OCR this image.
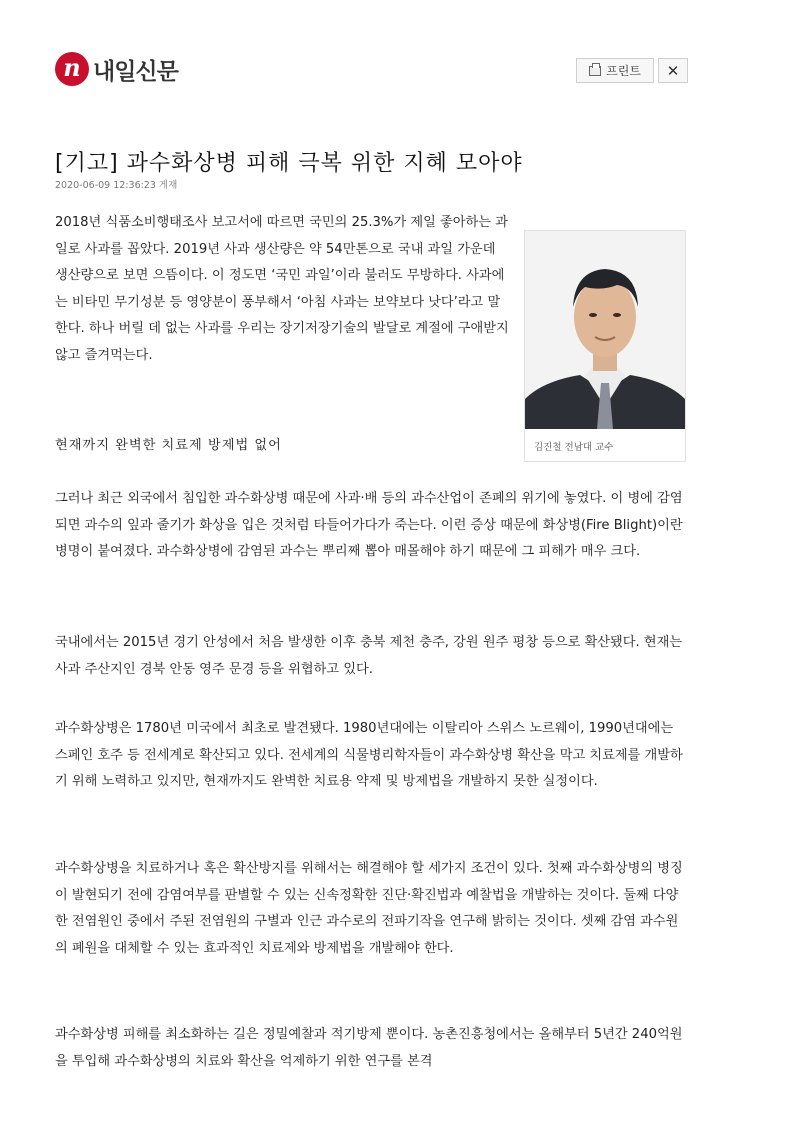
n 내일신문	프린트 ✕
[기고] 과수화상병 피해 극복 위한 지혜 모아야
2020-06-09 12:36:23 게재

2018년 식품소비행태조사 보고서에 따르면 국민의 25.3%가 제일 좋아하는 과일로 사과를 꼽았다. 2019년 사과 생산량은 약 54만톤으로 국내 과일 가운데 생산량으로 보면 으뜸이다. 이 정도면 ‘국민 과일’이라 불러도 무방하다. 사과에는 비타민 무기성분 등 영양분이 풍부해서 ‘아침 사과는 보약보다 낫다’라고 말한다. 하나 버릴 데 없는 사과를 우리는 장기저장기술의 발달로 계절에 구애받지 않고 즐겨먹는다.

김진철 전남대 교수
현재까지 완벽한 치료제 방제법 없어

그러나 최근 외국에서 침입한 과수화상병 때문에 사과·배 등의 과수산업이 존폐의 위기에 놓였다. 이 병에 감염되면 과수의 잎과 줄기가 화상을 입은 것처럼 타들어가다가 죽는다. 이런 증상 때문에 화상병(Fire Blight)이란 병명이 붙여졌다. 과수화상병에 감염된 과수는 뿌리째 뽑아 매몰해야 하기 때문에 그 피해가 매우 크다.

국내에서는 2015년 경기 안성에서 처음 발생한 이후 충북 제천 충주, 강원 원주 평창 등으로 확산됐다. 현재는 사과 주산지인 경북 안동 영주 문경 등을 위협하고 있다.

과수화상병은 1780년 미국에서 최초로 발견됐다. 1980년대에는 이탈리아 스위스 노르웨이, 1990년대에는 스페인 호주 등 전세계로 확산되고 있다. 전세계의 식물병리학자들이 과수화상병 확산을 막고 치료제를 개발하기 위해 노력하고 있지만, 현재까지도 완벽한 치료용 약제 및 방제법을 개발하지 못한 실정이다.

과수화상병을 치료하거나 혹은 확산방지를 위해서는 해결해야 할 세가지 조건이 있다. 첫째 과수화상병의 병징이 발현되기 전에 감염여부를 판별할 수 있는 신속정확한 진단·확진법과 예찰법을 개발하는 것이다. 둘째 다양한 전염원인 중에서 주된 전염원의 구별과 인근 과수로의 전파기작을 연구해 밝히는 것이다. 셋째 감염 과수원의 폐원을 대체할 수 있는 효과적인 치료제와 방제법을 개발해야 한다.

과수화상병 피해를 최소화하는 길은 정밀예찰과 적기방제 뿐이다. 농촌진흥청에서는 올해부터 5년간 240억원을 투입해 과수화상병의 치료와 확산을 억제하기 위한 연구를 본격
